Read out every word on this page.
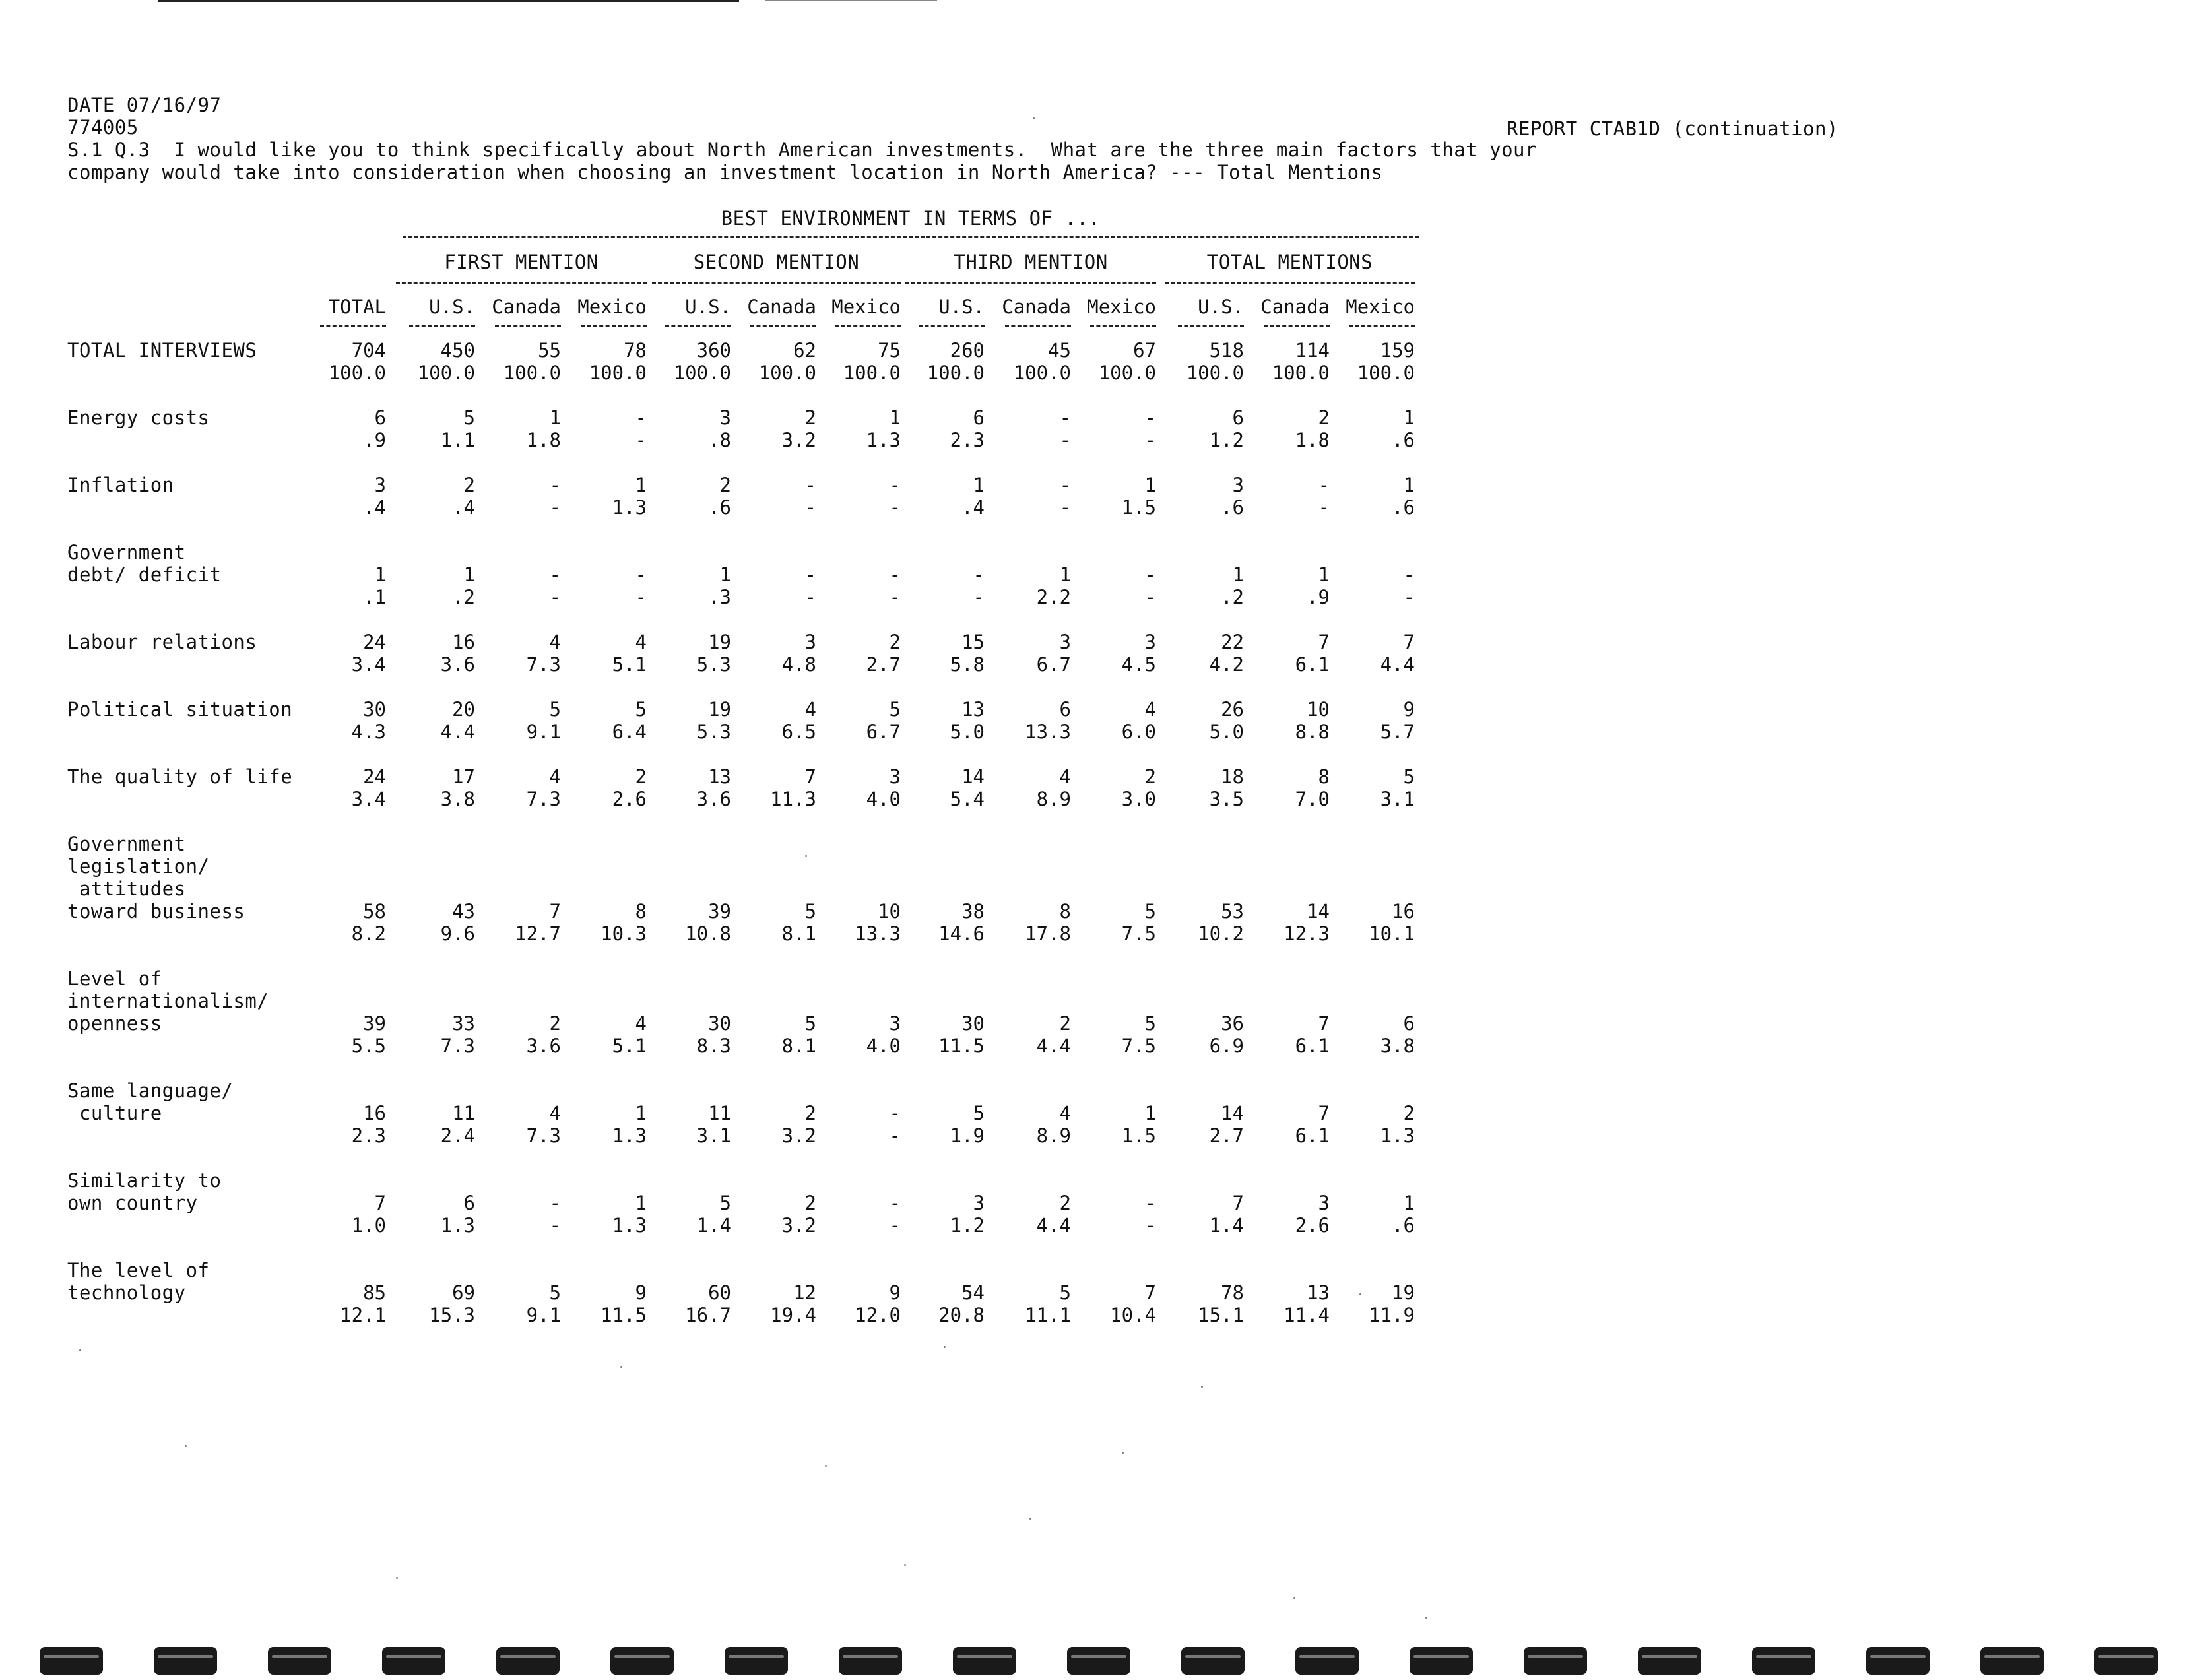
DATE 07/16/97
774005	REPORT CTAB1D (continuation)
S.1 Q.3  I would like you to think specifically about North American investments.  What are the three main factors that your
company would take into consideration when choosing an investment location in North America? --- Total Mentions
BEST ENVIRONMENT IN TERMS OF ...
FIRST MENTION	SECOND MENTION	THIRD MENTION	TOTAL MENTIONS
TOTAL	U.S. Canada Mexico	U.S. Canada Mexico	U.S. Canada Mexico	U.S. Canada Mexico
TOTAL INTERVIEWS	704	450	55	78	360	62	75	260	45	67	518	114	159
100.0	100.0	100.0	100.0	100.0	100.0	100.0	100.0	100.0	100.0	100.0	100.0	100.0
Energy costs	6	5	1	-	3	2	1	6	-	-	6	2	1
.9	1.1	1.8	-	.8	3.2	1.3	2.3	-	-	1.2	1.8	.6
Inflation	3	2	-	1	2	-	-	1	-	1	3	-	1
.4	.4	-	1.3	.6	-	-	.4	-	1.5	.6	-	.6
Government
debt/ deficit	1	1	-	-	1	-	-	-	1	-	1	1	-
.1	.2	-	-	.3	-	-	-	2.2	-	.2	.9	-
Labour relations	24	16	4	4	19	3	2	15	3	3	22	7	7
3.4	3.6	7.3	5.1	5.3	4.8	2.7	5.8	6.7	4.5	4.2	6.1	4.4
Political situation	30	20	5	5	19	4	5	13	6	4	26	10	9
4.3	4.4	9.1	6.4	5.3	6.5	6.7	5.0	13.3	6.0	5.0	8.8	5.7
The quality of life	24	17	4	2	13	7	3	14	4	2	18	8	5
3.4	3.8	7.3	2.6	3.6	11.3	4.0	5.4	8.9	3.0	3.5	7.0	3.1
Government
legislation/
attitudes
toward business	58	43	7	8	39	5	10	38	8	5	53	14	16
8.2	9.6	12.7	10.3	10.8	8.1	13.3	14.6	17.8	7.5	10.2	12.3	10.1
Level of
internationalism/
openness	39	33	2	4	30	5	3	30	2	5	36	7	6
5.5	7.3	3.6	5.1	8.3	8.1	4.0	11.5	4.4	7.5	6.9	6.1	3.8
Same language/
culture	16	11	4	1	11	2	-	5	4	1	14	7	2
2.3	2.4	7.3	1.3	3.1	3.2	-	1.9	8.9	1.5	2.7	6.1	1.3
Similarity to
own country	7	6	-	1	5	2	-	3	2	-	7	3	1
1.0	1.3	-	1.3	1.4	3.2	-	1.2	4.4	-	1.4	2.6	.6
The level of
technology	85	69	5	9	60	12	9	54	5	7	78	13	19
12.1	15.3	9.1	11.5	16.7	19.4	12.0	20.8	11.1	10.4	15.1	11.4	11.9
